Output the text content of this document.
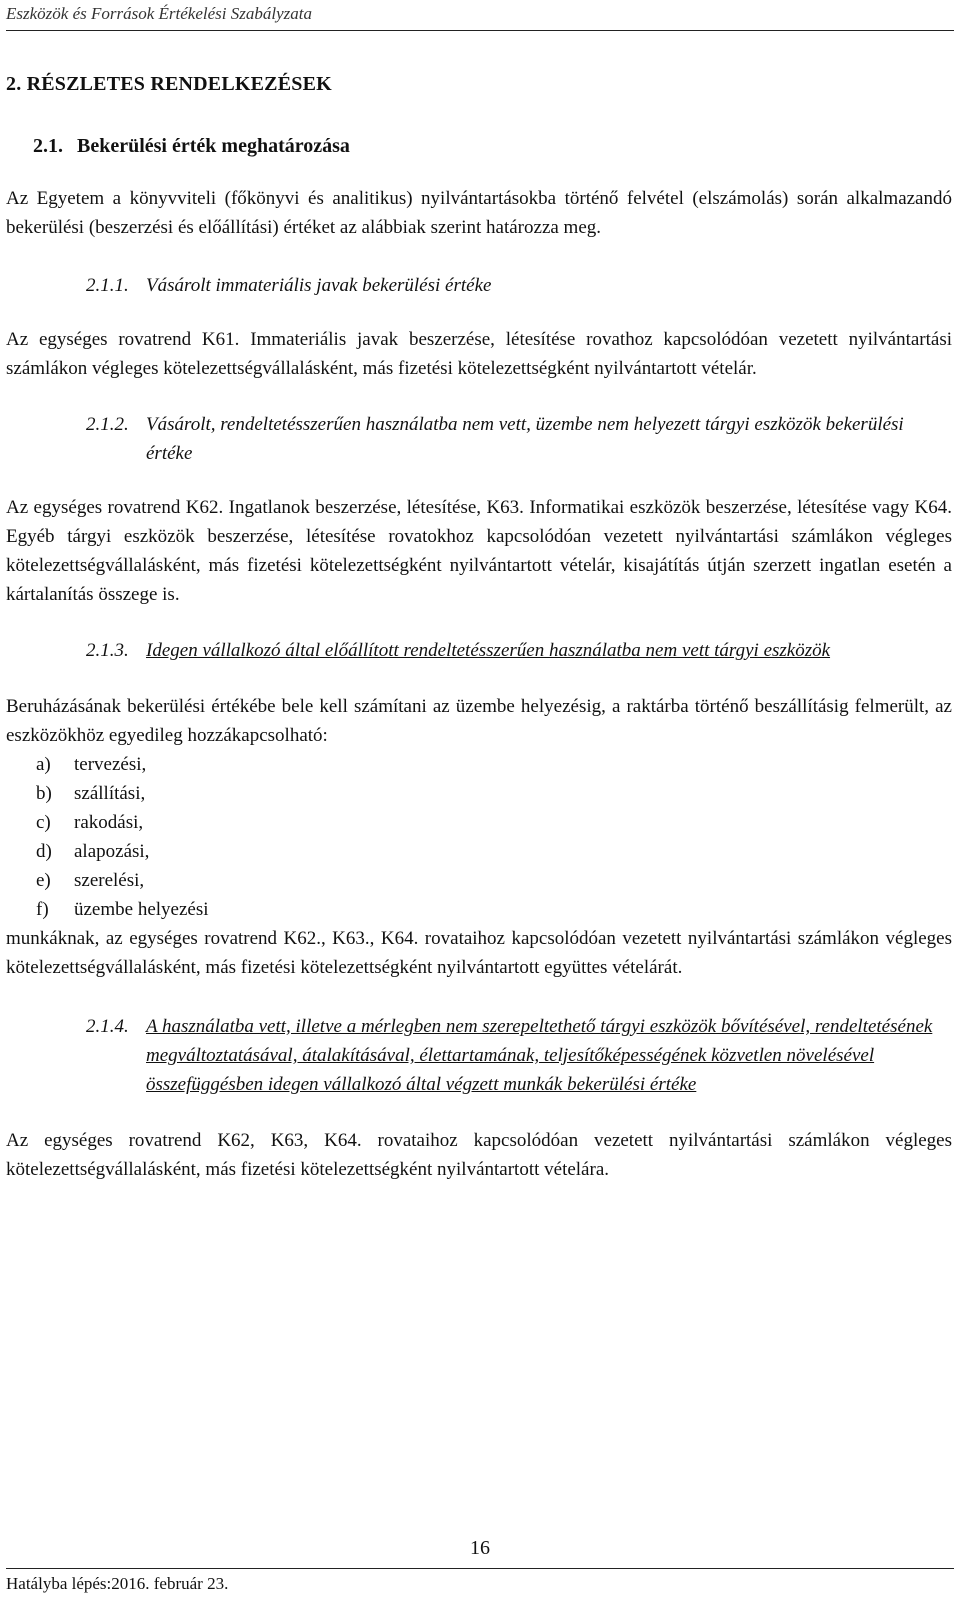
Eszközök és Források Értékelési Szabályzata
2. RÉSZLETES RENDELKEZÉSEK
2.1. Bekerülési érték meghatározása
Az Egyetem a könyvviteli (főkönyvi és analitikus) nyilvántartásokba történő felvétel (elszámolás) során alkalmazandó bekerülési (beszerzési és előállítási) értéket az alábbiak szerint határozza meg.
2.1.1. Vásárolt immateriális javak bekerülési értéke
Az egységes rovatrend K61. Immateriális javak beszerzése, létesítése rovathoz kapcsolódóan vezetett nyilvántartási számlákon végleges kötelezettségvállalásként, más fizetési kötelezettségként nyilvántartott vételár.
2.1.2. Vásárolt, rendeltetésszerűen használatba nem vett, üzembe nem helyezett tárgyi eszközök bekerülési értéke
Az egységes rovatrend K62. Ingatlanok beszerzése, létesítése, K63. Informatikai eszközök beszerzése, létesítése vagy K64. Egyéb tárgyi eszközök beszerzése, létesítése rovatokhoz kapcsolódóan vezetett nyilvántartási számlákon végleges kötelezettségvállalásként, más fizetési kötelezettségként nyilvántartott vételár, kisajátítás útján szerzett ingatlan esetén a kártalanítás összege is.
2.1.3. Idegen vállalkozó által előállított rendeltetésszerűen használatba nem vett tárgyi eszközök
Beruházásának bekerülési értékébe bele kell számítani az üzembe helyezésig, a raktárba történő beszállításig felmerült, az eszközökhöz egyedileg hozzákapcsolható:
a)	tervezési,
b)	szállítási,
c)	rakodási,
d)	alapozási,
e)	szerelési,
f)	üzembe helyezési
munkáknak, az egységes rovatrend K62., K63., K64. rovataihoz kapcsolódóan vezetett nyilvántartási számlákon végleges kötelezettségvállalásként, más fizetési kötelezettségként nyilvántartott együttes vételárát.
2.1.4. A használatba vett, illetve a mérlegben nem szerepeltethető tárgyi eszközök bővítésével, rendeltetésének megváltoztatásával, átalakításával, élettartamának, teljesítőképességének közvetlen növelésével összefüggésben idegen vállalkozó által végzett munkák bekerülési értéke
Az egységes rovatrend K62, K63, K64. rovataihoz kapcsolódóan vezetett nyilvántartási számlákon végleges kötelezettségvállalásként, más fizetési kötelezettségként nyilvántartott vételára.
16
Hatályba lépés:2016. február 23.
